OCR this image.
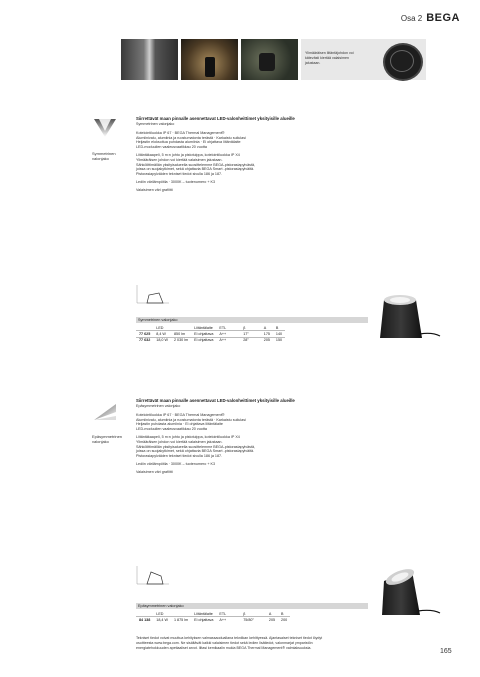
Osa 2 BEGA
Ylimääräisen liitäntäjohdon voi kätevästi kiertää valaisimen jalustaan.
Symmetrinen
valonjako
Siirrettävät maan pinnalle asennettavat LED-valonheittimet yksityisille alueille
Symmetrinen valonjako
Kotelointiluokka IP 67 · BEGA Thermal Management®
Alumiinivalu, alumiinia ja ruostumatonta terästä · Karkaistu suilulasi
Heijastin eloksoitua puhdasta alumiinia · Ei ohjattava liitäntälaite
LED-moduulien vaaleusvaatikkau 20 vuotta
Liitäntäkaapeli, 5 m:n johto ja pistotulppa, kotelointiluokka IP X4
Ylimääräisen johdon voi kiertää valaisimen jalustaan.
Sähkölittimällän yksityisalueella suosittelemme BEGA-pistorasiapylvästä,
joissa on suojakytkimet, sekä ohjattavia BEGA Smart -pistorasiapylväitä.
Pistorasiapylväiden tekniset tiedot sivulla 186 ja 187.
Lediin värilämpötila · 3000K – tuotenumero + K3
Valaisimen väri grafiitti
Symmetrinen valonjako
	LED		Liitäntälaite	ETL	β	A	B
77 625	8,4 W	850 lm	Ei ohjattava	A++	17°	175	140
77 632	18,0 W	2 030 lm	Ei ohjattava	A++	28°	205	150
Epäsymmetrinen
valonjako
Siirrettävät maan pinnalle asennettavat LED-valonheittimet yksityisille alueille
Epäsymmetrinen valonjako
Kotelointiluokka IP 67 · BEGA Thermal Management®
Alumiinivalu, alumiinia ja ruostumatonta terästä · Karkaistu suilulasi
Heijastin puhdasta alumiinia · Ei ohjattava liitäntälaite
LED-moduulien vaaleusvaatikkau 20 vuotta
Liitäntäkaapeli, 5 m:n johto ja pistotulppa, kotelointiluokka IP X4
Ylimääräisen johdon voi kiertää valaisimen jalustaan.
Sähkölittimällän yksityisalueella suosittelemme BEGA-pistorasiapylvästä,
joissa on suojakytkimet, sekä ohjattavia BEGA Smart -pistorasiapylväitä.
Pistorasiapylväiden tekniset tiedot sivulla 186 ja 187.
Lediin värilämpötila · 3000K – tuotenumero + K3
Valaisimen väri grafiitti
Epäsymmetrinen valonjako
	LED		Liitäntälaite	ETL	β	A	B
84 138	18,4 W	1 875 lm	Ei ohjattava	A++	75/80°	205	200
Tekniset tiedot voivat muuttua kehityksen valmassaoduallana tekniikan kehittyessä. Ajantasaiset tekniset tiedot löydyt
osoitteesta www.bega.com. Ne sisältävät kaikki valaisimen tiedot sekä ledien lisätiedot, valonmarjat ymparistön
energiatehokkuuden apetiaaliset arvot. Ilitasi kemikaalin mukia BEGA Thermal Management® valmiaksuuksia.
165
